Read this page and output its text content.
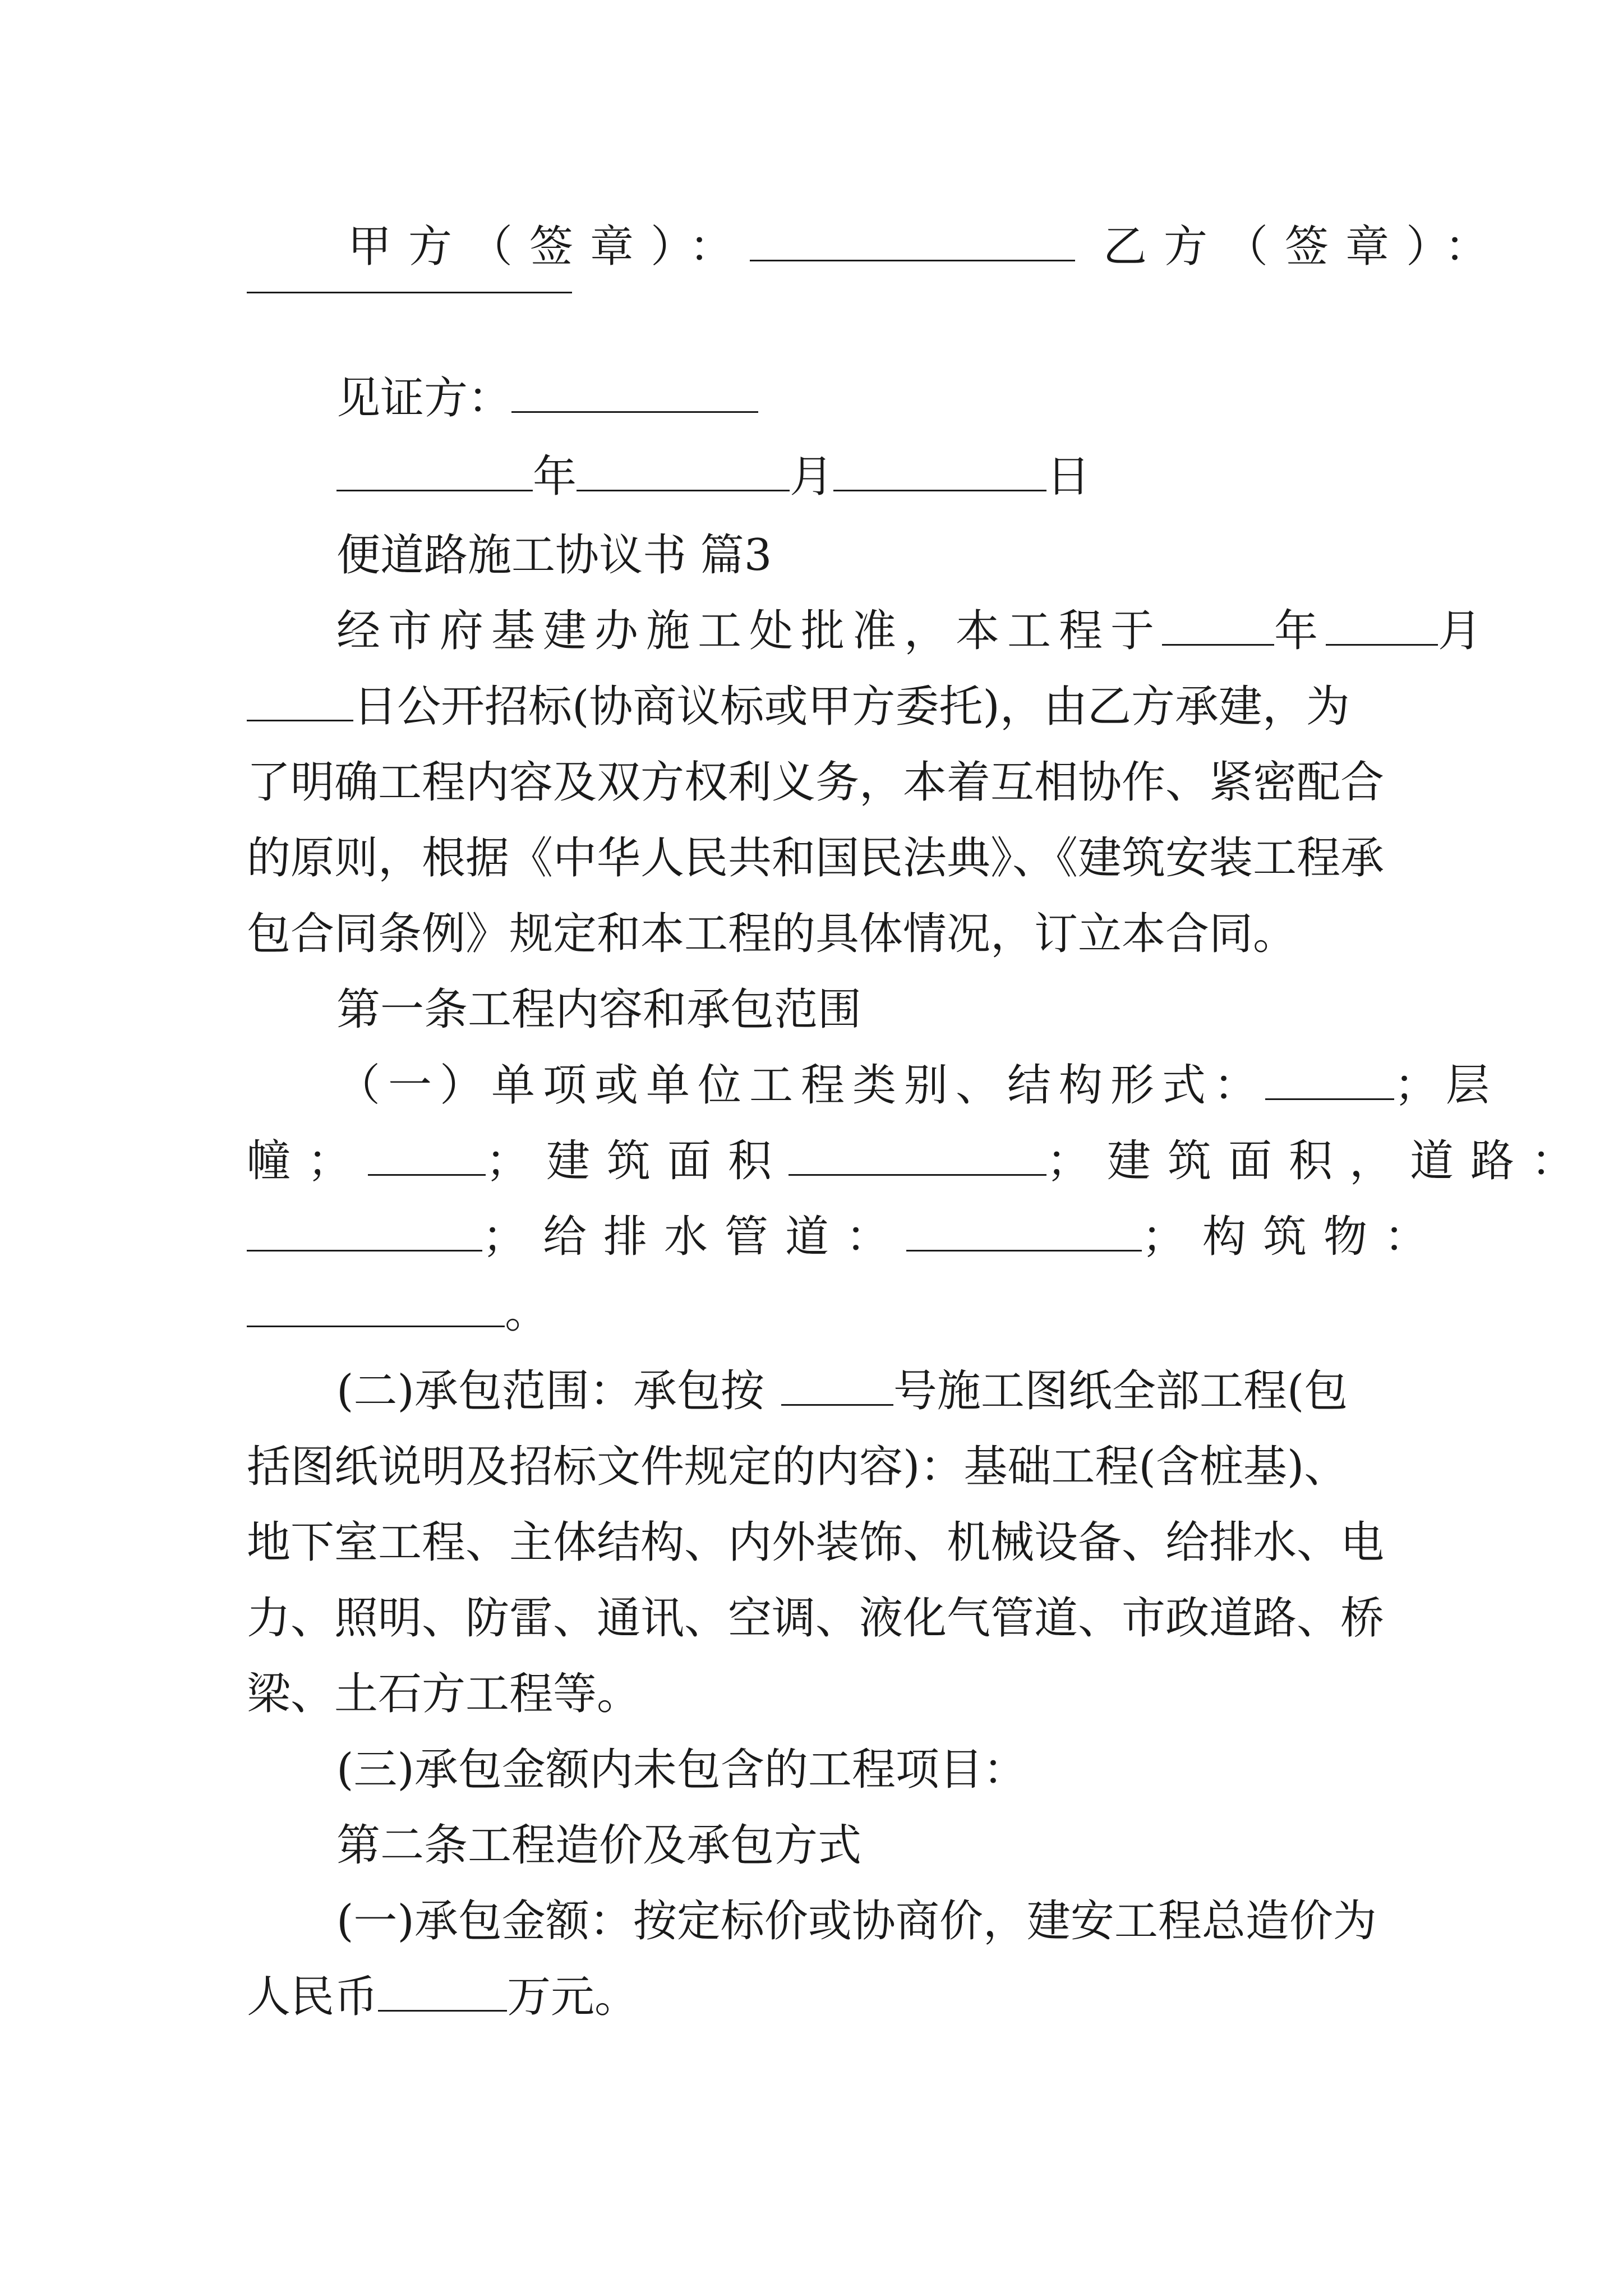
甲方（签章）：	乙方（签章）：
见证方：
年	月	日
便道路施工协议书 篇3
经市府基建办施工处批准，本工程于	年	月
日公开招标(协商议标或甲方委托)，由乙方承建，为
了明确工程内容及双方权利义务，本着互相协作、紧密配合
的原则，根据《中华人民共和国民法典》、《建筑安装工程承
包合同条例》规定和本工程的具体情况，订立本合同。
第一条工程内容和承包范围
（一）单项或单位工程类别、结构形式：	；层
幢；	；建筑面积	；建筑面积，道路：
；给排水管道：	；构筑物：
。
(二)承包范围：承包按	号施工图纸全部工程(包
括图纸说明及招标文件规定的内容)：基础工程(含桩基)、
地下室工程、主体结构、内外装饰、机械设备、给排水、电
力、照明、防雷、通讯、空调、液化气管道、市政道路、桥
梁、土石方工程等。
(三)承包金额内未包含的工程项目：
第二条工程造价及承包方式
(一)承包金额：按定标价或协商价，建安工程总造价为
人民币	万元。
